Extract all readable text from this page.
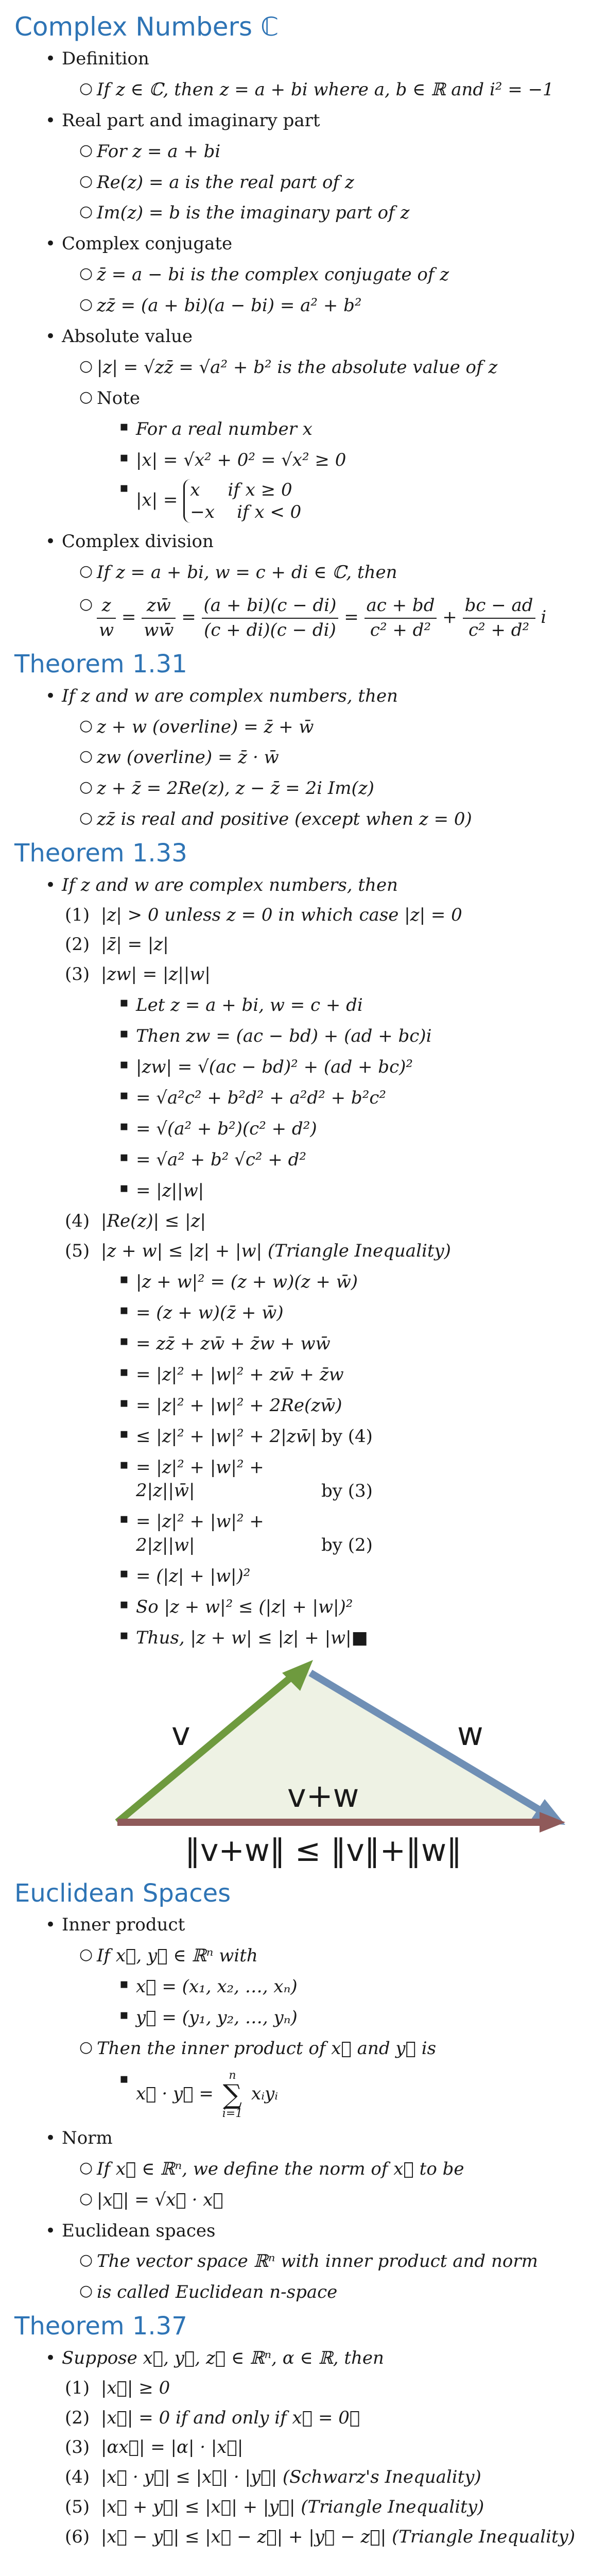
Complex Numbers ℂ
• Definition
○ If z ∈ ℂ, then z = a + bi where a, b ∈ ℝ and i² = −1
• Real part and imaginary part
○ For z = a + bi
○ Re(z) = a is the real part of z
○ Im(z) = b is the imaginary part of z
• Complex conjugate
○ z̄ = a − bi is the complex conjugate of z
○ zz̄ = (a + bi)(a − bi) = a² + b²
• Absolute value
○ |z| = √zz̄ = √a² + b² is the absolute value of z
○ Note
▪ For a real number x
▪ |x| = √x² + 0² = √x² ≥ 0
▪ |x| = x     if x ≥ 0
−x    if x < 0
• Complex division
○ If z = a + bi, w = c + di ∈ ℂ, then
○ $\frac{z}{w} = \frac{zw̄}{ww̄} = \frac{(a + bi)(c - di)}{(c + di)(c - di)} = \frac{ac + bd}{\text{c² + d²}} + \frac{bc - ad}{\text{c² + d²}}$ i
Theorem 1.31
• If z and w are complex numbers, then
○ z + w (overline) = z̄ + w̄
○ zw (overline) = z̄ · w̄
○ z + z̄ = 2Re(z), z − z̄ = 2i Im(z)
○ zz̄ is real and positive (except when z = 0)
Theorem 1.33
• If z and w are complex numbers, then
(1) |z| > 0 unless z = 0 in which case |z| = 0
(2) |z̄| = |z|
(3) |zw| = |z||w|
▪ Let z = a + bi, w = c + di
▪ Then zw = (ac − bd) + (ad + bc)i
▪ |zw| = √(ac − bd)² + (ad + bc)²
▪ = √a²c² + b²d² + a²d² + b²c²
▪ = √(a² + b²)(c² + d²)
▪ = √a² + b² √c² + d²
▪ = |z||w|
(4) |Re(z)| ≤ |z|
(5) |z + w| ≤ |z| + |w| (Triangle Inequality)
▪ |z + w|² = (z + w)(z + w̄)
▪ = (z + w)(z̄ + w̄)
▪ = zz̄ + zw̄ + z̄w + ww̄
▪ = |z|² + |w|² + zw̄ + z̄w
▪ = |z|² + |w|² + 2Re(zw̄)
▪ ≤ |z|² + |w|² + 2|zw̄| by (4)
▪ = |z|² + |w|² + 2|z||w̄|	by (3)
▪ = |z|² + |w|² + 2|z||w|	by (2)
▪ = (|z| + |w|)²
▪ So |z + w|² ≤ (|z| + |w|)²
▪ Thus, |z + w| ≤ |z| + |w|■
v	w
v+w
‖v+w‖ ≤ ‖v‖+‖w‖
Euclidean Spaces
• Inner product
○ If x⃗, y⃗ ∈ ℝⁿ with
▪ x⃗ = (x₁, x₂, …, xₙ)
▪ y⃗ = (y₁, y₂, …, yₙ)
○ Then the inner product of x⃗ and y⃗ is
▪ x⃗ · y⃗ =
n
∑
i=1
xᵢyᵢ
• Norm
○ If x⃗ ∈ ℝⁿ, we define the norm of x⃗ to be
○ |x⃗| = √x⃗ · x⃗
• Euclidean spaces
○ The vector space ℝⁿ with inner product and norm
○ is called Euclidean n-space
Theorem 1.37
• Suppose x⃗, y⃗, z⃗ ∈ ℝⁿ, α ∈ ℝ, then
(1) |x⃗| ≥ 0
(2) |x⃗| = 0 if and only if x⃗ = 0⃗
(3) |αx⃗| = |α| · |x⃗|
(4) |x⃗ · y⃗| ≤ |x⃗| · |y⃗| (Schwarz's Inequality)
(5) |x⃗ + y⃗| ≤ |x⃗| + |y⃗| (Triangle Inequality)
(6) |x⃗ − y⃗| ≤ |x⃗ − z⃗| + |y⃗ − z⃗| (Triangle Inequality)
